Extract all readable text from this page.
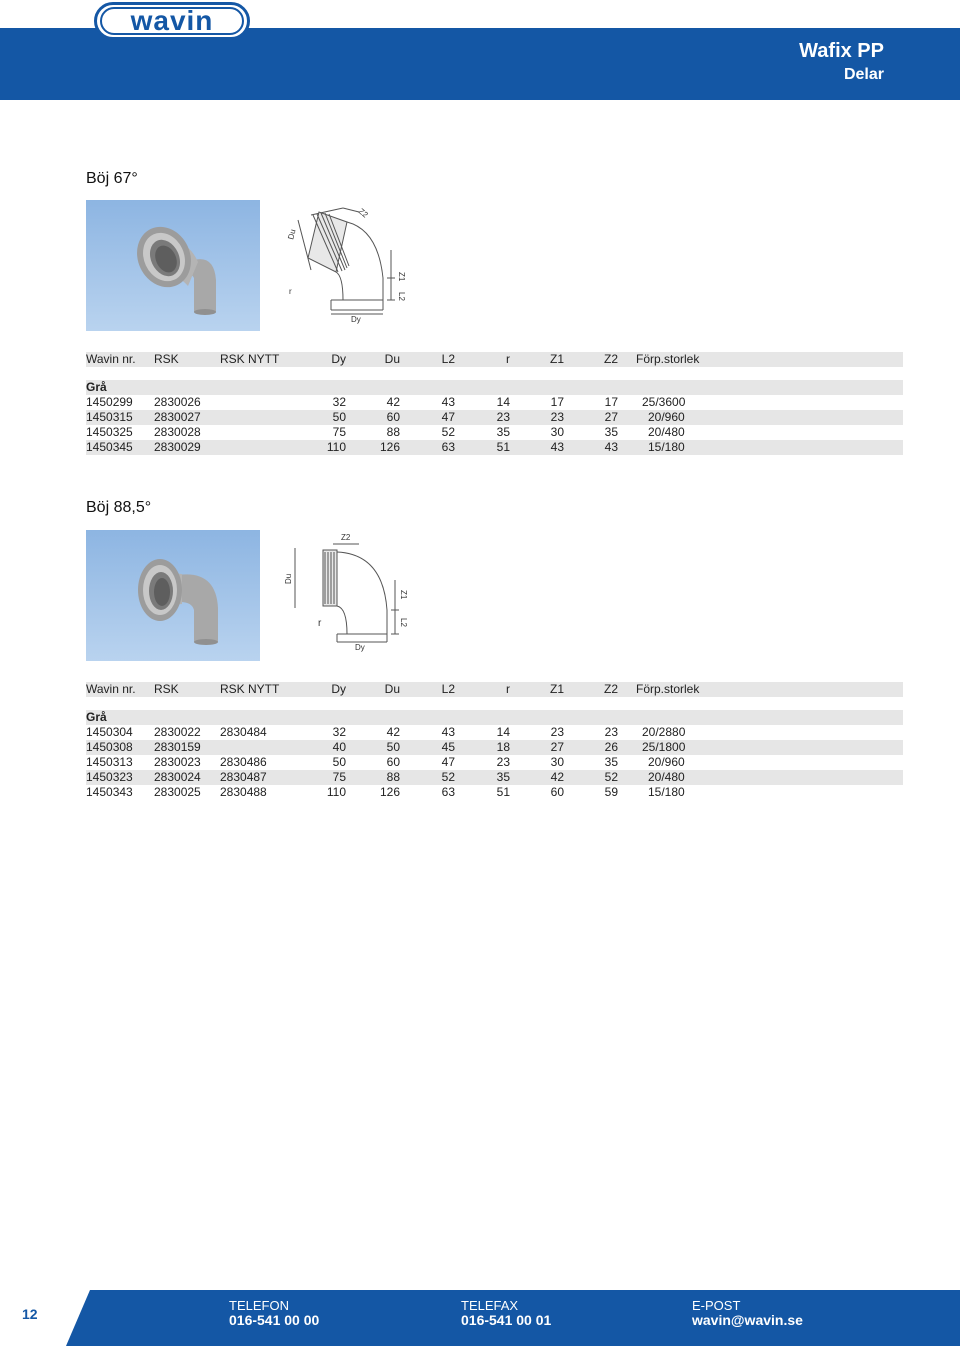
Wafix PP
Delar
wavin
Böj 67°
Z2
Du
Z1
r
L2
Dy
Wavin nr.	RSK	RSK NYTT	Dy	Du	L2	r	Z1	Z2	Förp.storlek

Grå									
1450299	2830026		32	42	43	14	17	17	25/3600
1450315	2830027		50	60	47	23	23	27	20/960
1450325	2830028		75	88	52	35	30	35	20/480
1450345	2830029		110	126	63	51	43	43	15/180
Böj 88,5°
Z2
Du
Z1
r	L2
Dy
Wavin nr.	RSK	RSK NYTT	Dy	Du	L2	r	Z1	Z2	Förp.storlek

Grå									
1450304	2830022	2830484	32	42	43	14	23	23	20/2880
1450308	2830159		40	50	45	18	27	26	25/1800
1450313	2830023	2830486	50	60	47	23	30	35	20/960
1450323	2830024	2830487	75	88	52	35	42	52	20/480
1450343	2830025	2830488	110	126	63	51	60	59	15/180
12
TELEFON
016-541 00 00
TELEFAX
016-541 00 01
E-POST
wavin@wavin.se
